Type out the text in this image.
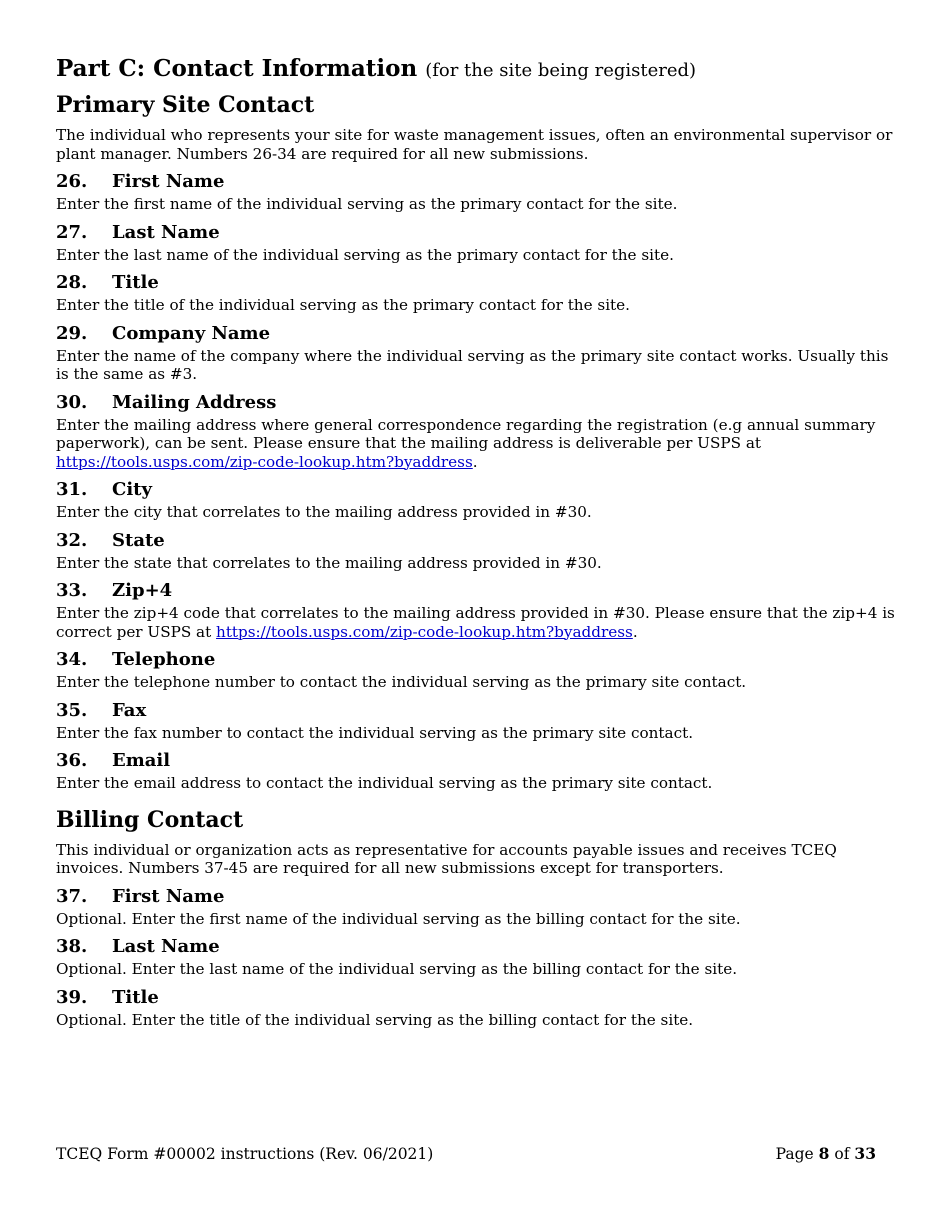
Part C: Contact Information (for the site being registered)
Primary Site Contact

The individual who represents your site for waste management issues, often an environmental supervisor or plant manager. Numbers 26-34 are required for all new submissions.

26. First Name

Enter the first name of the individual serving as the primary contact for the site.

27. Last Name

Enter the last name of the individual serving as the primary contact for the site.

28. Title

Enter the title of the individual serving as the primary contact for the site.

29. Company Name

Enter the name of the company where the individual serving as the primary site contact works. Usually this is the same as #3.

30. Mailing Address

Enter the mailing address where general correspondence regarding the registration (e.g annual summary paperwork), can be sent. Please ensure that the mailing address is deliverable per USPS at https://tools.usps.com/zip-code-lookup.htm?byaddress.

31. City

Enter the city that correlates to the mailing address provided in #30.

32. State

Enter the state that correlates to the mailing address provided in #30.

33. Zip+4

Enter the zip+4 code that correlates to the mailing address provided in #30. Please ensure that the zip+4 is correct per USPS at https://tools.usps.com/zip-code-lookup.htm?byaddress.

34. Telephone

Enter the telephone number to contact the individual serving as the primary site contact.

35. Fax

Enter the fax number to contact the individual serving as the primary site contact.

36. Email

Enter the email address to contact the individual serving as the primary site contact.

Billing Contact

This individual or organization acts as representative for accounts payable issues and receives TCEQ invoices. Numbers 37-45 are required for all new submissions except for transporters.

37. First Name

Optional. Enter the first name of the individual serving as the billing contact for the site.

38. Last Name

Optional. Enter the last name of the individual serving as the billing contact for the site.

39. Title

Optional. Enter the title of the individual serving as the billing contact for the site.

TCEQ Form #00002 instructions (Rev. 06/2021)	Page 8 of 33
